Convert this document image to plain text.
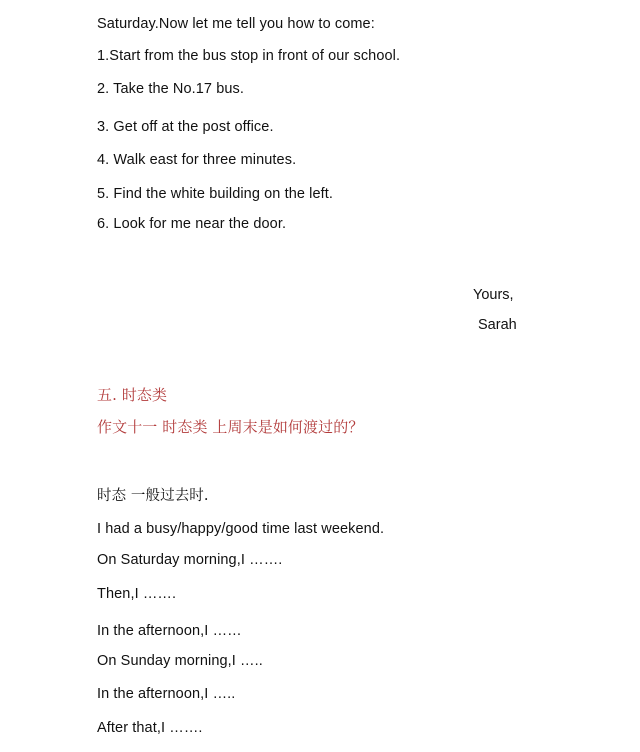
Saturday.Now let me tell you how to come:
1.Start from the bus stop in front of our school.
2. Take the No.17 bus.
3. Get off at the post office.
4. Walk east for three minutes.
5. Find the white building on the left.
6. Look for me near the door.
Yours,
Sarah
五. 时态类
作文十一 时态类 上周末是如何渡过的？
时态 一般过去时.
I had a busy/happy/good time last weekend.
On Saturday morning,I …….
Then,I …….
In the afternoon,I ……
On Sunday morning,I …..
In the afternoon,I …..
After that,I …….
